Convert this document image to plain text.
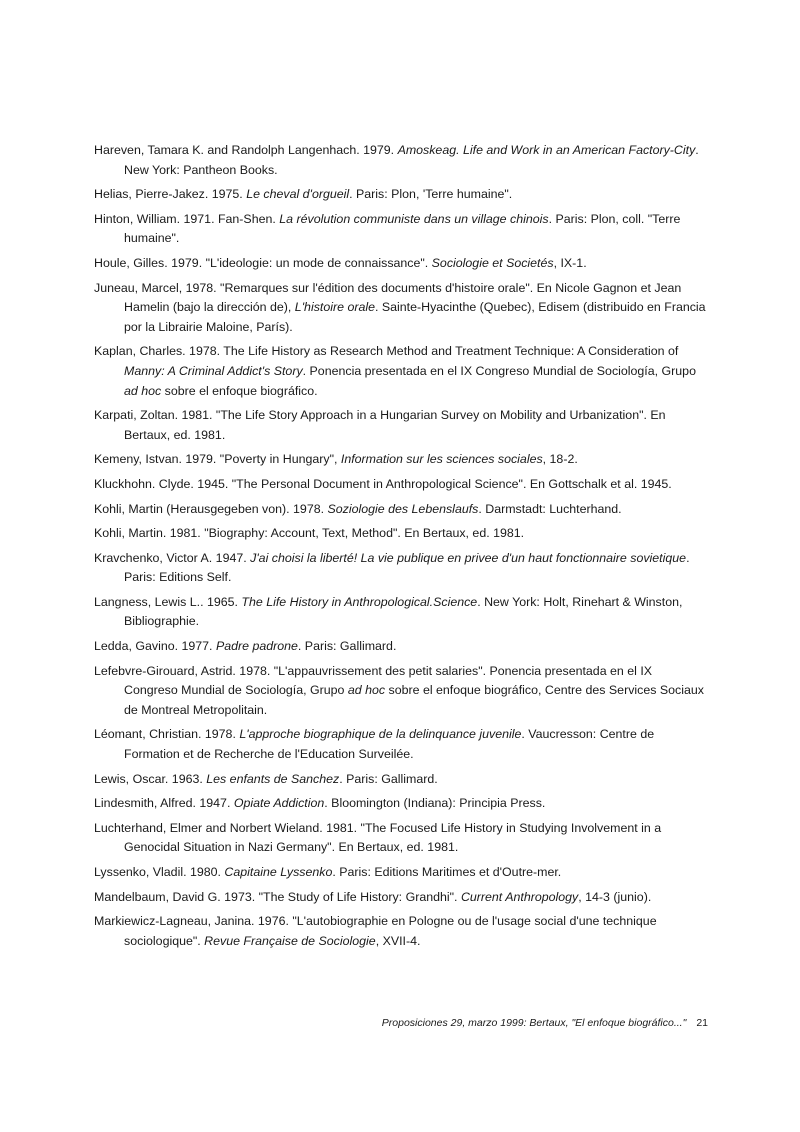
Hareven, Tamara K. and Randolph Langenhach. 1979. Amoskeag. Life and Work in an American Factory-City. New York: Pantheon Books.

Helias, Pierre-Jakez. 1975. Le cheval d'orgueil. Paris: Plon, 'Terre humaine".

Hinton, William. 1971. Fan-Shen. La révolution communiste dans un village chinois. Paris: Plon, coll. "Terre humaine".

Houle, Gilles. 1979. "L'ideologie: un mode de connaissance". Sociologie et Societés, IX-1.

Juneau, Marcel, 1978. "Remarques sur l'édition des documents d'histoire orale". En Nicole Gagnon et Jean Hamelin (bajo la dirección de), L'histoire orale. Sainte-Hyacinthe (Quebec), Edisem (distribuido en Francia por la Librairie Maloine, París).

Kaplan, Charles. 1978. The Life History as Research Method and Treatment Technique: A Consideration of Manny: A Criminal Addict's Story. Ponencia presentada en el IX Congreso Mundial de Sociología, Grupo ad hoc sobre el enfoque biográfico.

Karpati, Zoltan. 1981. "The Life Story Approach in a Hungarian Survey on Mobility and Urbanization". En Bertaux, ed. 1981.

Kemeny, Istvan. 1979. "Poverty in Hungary", Information sur les sciences sociales, 18-2.

Kluckhohn. Clyde. 1945. "The Personal Document in Anthropological Science". En Gottschalk et al. 1945.

Kohli, Martin (Herausgegeben von). 1978. Soziologie des Lebenslaufs. Darmstadt: Luchterhand.

Kohli, Martin. 1981. "Biography: Account, Text, Method". En Bertaux, ed. 1981.

Kravchenko, Victor A. 1947. J'ai choisi la liberté! La vie publique en privee d'un haut fonctionnaire sovietique. Paris: Editions Self.

Langness, Lewis L.. 1965. The Life History in Anthropological.Science. New York: Holt, Rinehart & Winston, Bibliographie.

Ledda, Gavino. 1977. Padre padrone. Paris: Gallimard.

Lefebvre-Girouard, Astrid. 1978. "L'appauvrissement des petit salaries". Ponencia presentada en el IX Congreso Mundial de Sociología, Grupo ad hoc sobre el enfoque biográfico, Centre des Services Sociaux de Montreal Metropolitain.

Léomant, Christian. 1978. L'approche biographique de la delinquance juvenile. Vaucresson: Centre de Formation et de Recherche de l'Education Surveilée.

Lewis, Oscar. 1963. Les enfants de Sanchez. Paris: Gallimard.

Lindesmith, Alfred. 1947. Opiate Addiction. Bloomington (Indiana): Principia Press.

Luchterhand, Elmer and Norbert Wieland. 1981. "The Focused Life History in Studying Involvement in a Genocidal Situation in Nazi Germany". En Bertaux, ed. 1981.

Lyssenko, Vladil. 1980. Capitaine Lyssenko. Paris: Editions Maritimes et d'Outre-mer.

Mandelbaum, David G. 1973. "The Study of Life History: Grandhi". Current Anthropology, 14-3 (junio).

Markiewicz-Lagneau, Janina. 1976. "L'autobiographie en Pologne ou de l'usage social d'une technique sociologique". Revue Française de Sociologie, XVII-4.

Proposiciones 29, marzo 1999: Bertaux, "El enfoque biográfico..." 21
